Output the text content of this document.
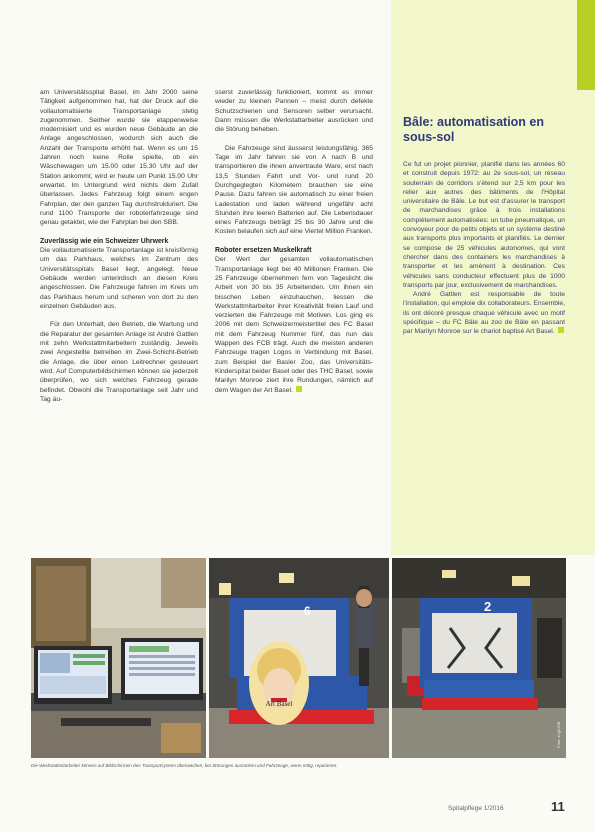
am Universitätsspital Basel, im Jahr 2000 seine Tätigkeit aufgenommen hat, hat der Druck auf die vollautomatisierte Transportanlage stetig zugenommen. Seither wurde sie etappenweise modernisiert und es wurden neue Gebäude an die Anlage angeschlossen, wodurch sich auch die Anzahl der Transporte erhöht hat. Wenn es um 15 Jahren noch keine Rolle spielte, ob ein Wäschewagen um 15.00 oder 15.30 Uhr auf der Station ankommt, wird er heute um Punkt 15.00 Uhr erwartet. Im Untergrund wird nichts dem Zufall überlassen. Jedes Fahrzeug folgt einem engen Fahrplan, der den ganzen Tag durchstrukturiert. Die rund 1100 Transporte der roboterfahrzeuge sind genau getaktet, wie der Fahrplan bei den SBB.

Zuverlässig wie ein Schweizer Uhrwerk

Die vollautomatisierte Transportanlage ist kreisförmig um das Parkhaus, welches im Zentrum des Universitätsspitals Basel liegt, angelegt. Neue Gebäude werden unterirdisch an diesen Kreis angeschlossen. Die Fahrzeuge fahren im Kreis um das Parkhaus herum und scheren von dort zu den einzelnen Gebäuden aus.

Für den Unterhalt, den Betrieb, die Wartung und die Reparatur der gesamten Anlage ist André Gattlen mit zehn Werkstattmitarbeitern zuständig. Jeweils zwei Angestellte betreiben im Zwei-Schicht-Betrieb die Anlage, die über einen Leitrechner gesteuert wird. Auf Computerbildschirmen können sie jederzeit überprüfen, wo sich welches Fahrzeug gerade befindet. Obwohl die Transportanlage seit Jahr und Tag äu-

sserst zuverlässig funktioniert, kommt es immer wieder zu kleinen Pannen – meist durch defekte Schutzschienen und Sensoren selber verursacht. Dann müssen die Werkstattarbeiter ausrücken und die Störung beheben.

Die Fahrzeuge sind äusserst leistungsfähig. 365 Tage im Jahr fahren sie von A nach B und transportieren die ihnen anvertraute Ware, erst nach 13,5 Stunden Fahrt und Vor- und rund 20 Durchgeglegten Kilometern brauchen sie eine Pause. Dazu fahren sie automatisch zu einer freien Ladestation und laden während ungefähr acht Stunden ihre leeren Batterien auf. Die Lebensdauer eines Fahrzeugs beträgt 25 bis 30 Jahre und die Kosten belaufen sich auf eine Viertel Million Franken.

Roboter ersetzen Muskelkraft

Der Wert der gesamten vollautomatischen Transportanlage liegt bei 40 Millionen Franken. Die 25 Fahrzeuge übernehmen fern von Tageslicht die Arbeit von 30 bis 35 Arbeitenden. Um ihnen ein bisschen Leben einzuhauchen, liessen die Werkstattmitarbeiter ihrer Kreativität freien Lauf und verzierten die Fahrzeuge mit Motiven. Los ging es 2006 mit dem Schweizermeistertitel des FC Basel mit dem Fahrzeug Nummer fünf, das nun das Wappen des FCB trägt. Auch die meisten anderen Fahrzeuge tragen Logos in Verbindung mit Basel, zum Beispiel der Basler Zoo, das Universitäts-Kinderspital beider Basel oder des THC Basel, sowie Marilyn Monroe ziert ihre Rundungen, nämlich auf dem Wagen der Art Basel.

Bâle: automatisation en sous-sol

Ce fut un projet pionnier, planifié dans les années 60 et construit depuis 1972: au 2e sous-sol, un réseau souterrain de corridors s'étend sur 2,5 km pour les relier aux autres des bâtiments de l'Hôpital universitaire de Bâle. Le but est d'assurer le transport de marchandises grâce à trois installations complètement automatisées: un tube pneumatique, un convoyeur pour de petits objets et un système destiné aux transports plus importants et planifiés. Le dernier se compose de 25 véhicules autonomes, qui vont chercher dans des containers les marchandises à transporter et les amènent à destination. Ces véhicules sans conducteur effectuent plus de 1000 transports par jour, exclusivement de marchandises.

André Gattlen est responsable de toute l'installation, qui emploie dix collaborateurs. Ensemble, ils ont décoré presque chaque véhicule avec un motif spécifique – du FC Bâle au zoo de Bâle en passant par Marilyn Monroe sur le chariot baptisé Art Basel.

6
Art Basel
2
Foto: zVg/USB
Die Werkstattmitarbeiter können auf Bildschirmen den Transportsystem überwachen, bei Störungen ausrücken und Fahrzeuge, wenn nötig, reparieren.
Spitalpflege 1/2016	11
